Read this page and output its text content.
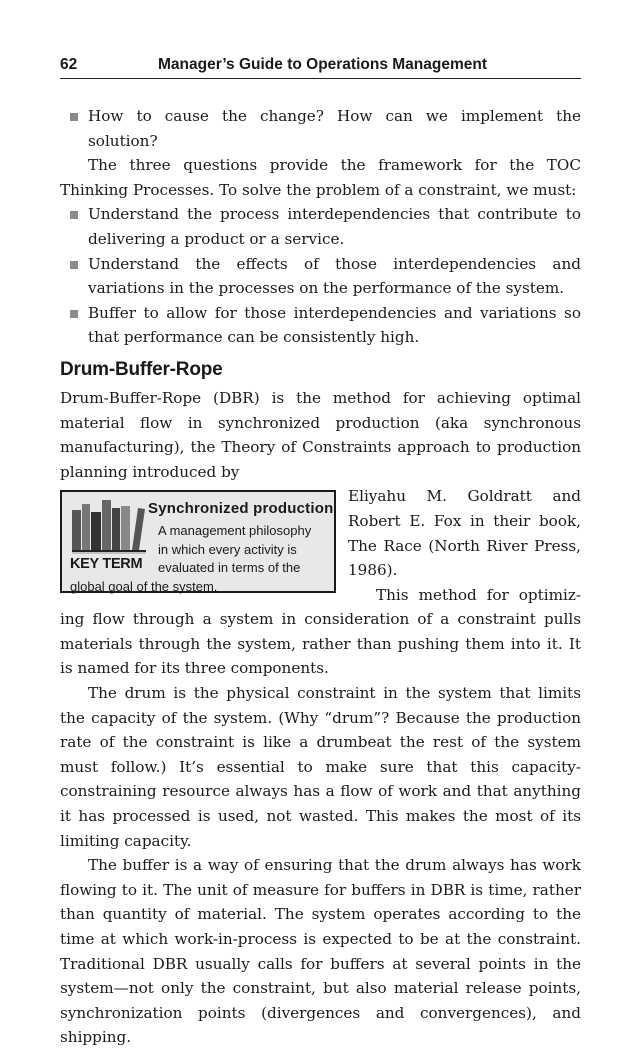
62	Manager’s Guide to Operations Management
How to cause the change? How can we implement the solution?

The three questions provide the framework for the TOC Thinking Processes. To solve the problem of a constraint, we must:

Understand the process interdependencies that contribute to delivering a product or a service.
Understand the effects of those interdependencies and variations in the processes on the performance of the system.
Buffer to allow for those interdependencies and variations so that performance can be consistently high.
Drum-Buffer-Rope

Drum-Buffer-Rope (DBR) is the method for achieving optimal material flow in synchronized production (aka synchronous manufacturing), the Theory of Constraints approach to production planning introduced by

Synchronized production
A management philosophy
in which every activity is
evaluated in terms of the
global goal of the system.
KEY TERM

Eliyahu M. Goldratt and Robert E. Fox in their book, The Race (North River Press, 1986).

This method for optimizing flow through a system in consideration of a constraint pulls materials through the system, rather than pushing them into it. It is named for its three components.

The drum is the physical constraint in the system that limits the capacity of the system. (Why “drum”? Because the production rate of the constraint is like a drumbeat the rest of the system must follow.) It’s essential to make sure that this capacity-constraining resource always has a flow of work and that anything it has processed is used, not wasted. This makes the most of its limiting capacity.

The buffer is a way of ensuring that the drum always has work flowing to it. The unit of measure for buffers in DBR is time, rather than quantity of material. The system operates according to the time at which work-in-process is expected to be at the constraint. Traditional DBR usually calls for buffers at several points in the system—not only the constraint, but also material release points, synchronization points (divergences and convergences), and shipping.
